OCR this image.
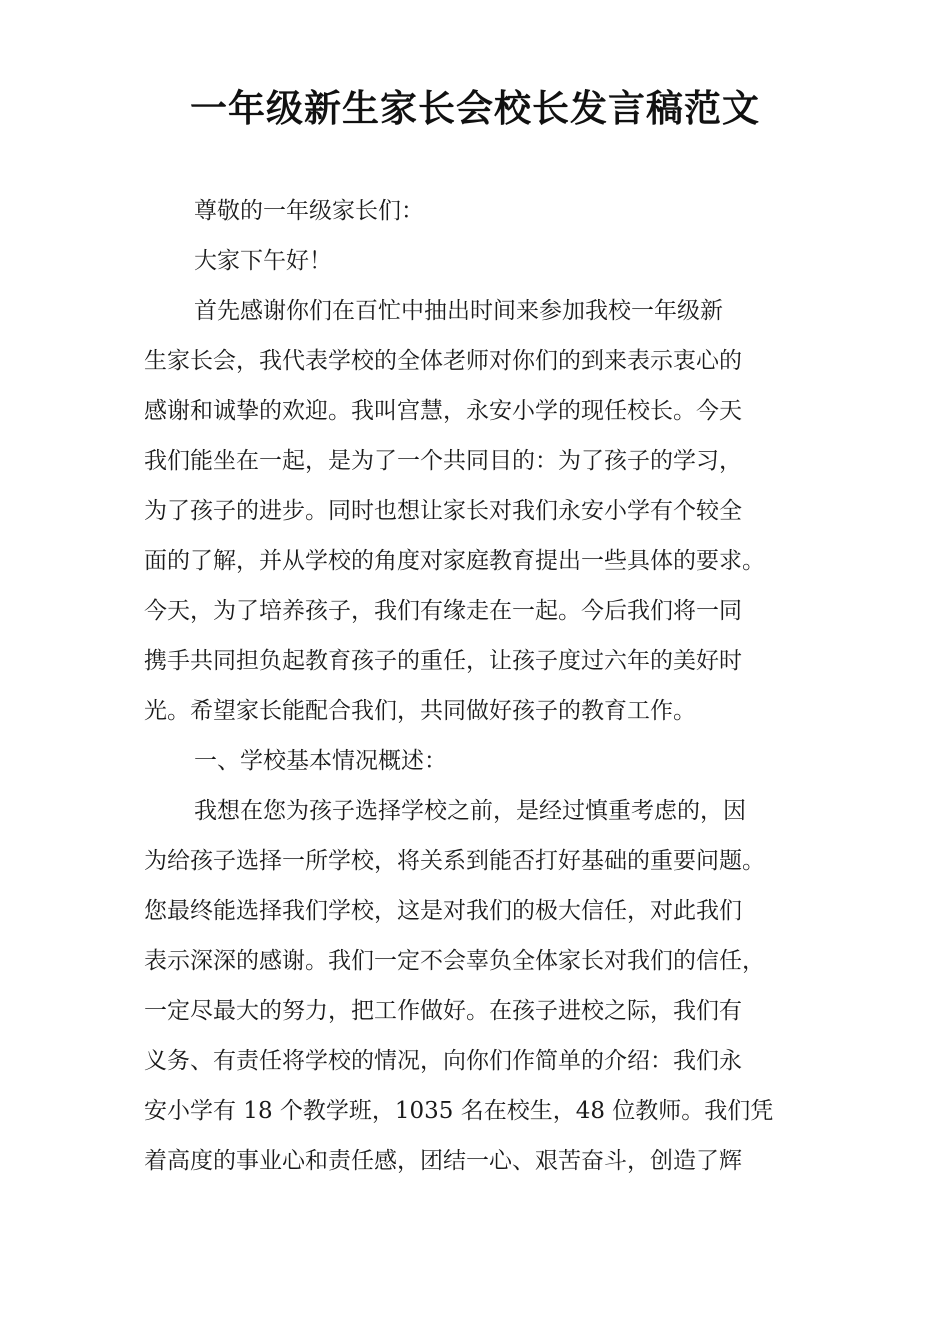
一年级新生家长会校长发言稿范文

尊敬的一年级家长们：

大家下午好！

首先感谢你们在百忙中抽出时间来参加我校一年级新

生家长会，我代表学校的全体老师对你们的到来表示衷心的

感谢和诚挚的欢迎。我叫宫慧，永安小学的现任校长。今天

我们能坐在一起，是为了一个共同目的：为了孩子的学习，

为了孩子的进步。同时也想让家长对我们永安小学有个较全

面的了解，并从学校的角度对家庭教育提出一些具体的要求。

今天，为了培养孩子，我们有缘走在一起。今后我们将一同

携手共同担负起教育孩子的重任，让孩子度过六年的美好时

光。希望家长能配合我们，共同做好孩子的教育工作。

一、学校基本情况概述：

我想在您为孩子选择学校之前，是经过慎重考虑的，因

为给孩子选择一所学校，将关系到能否打好基础的重要问题。

您最终能选择我们学校，这是对我们的极大信任，对此我们

表示深深的感谢。我们一定不会辜负全体家长对我们的信任，

一定尽最大的努力，把工作做好。在孩子进校之际，我们有

义务、有责任将学校的情况，向你们作简单的介绍：我们永

安小学有 18 个教学班，1035 名在校生，48 位教师。我们凭

着高度的事业心和责任感，团结一心、艰苦奋斗，创造了辉
